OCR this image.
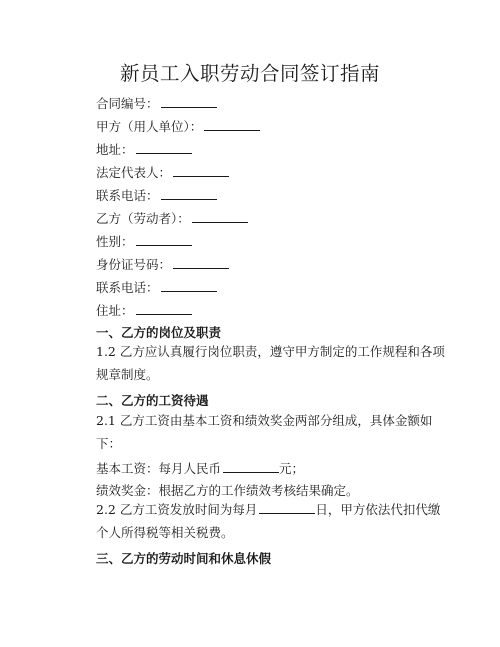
新员工入职劳动合同签订指南
合同编号：
甲方（用人单位）：
地址：
法定代表人：
联系电话：
乙方（劳动者）：
性别：
身份证号码：
联系电话：
住址：
一、乙方的岗位及职责
1.2 乙方应认真履行岗位职责，遵守甲方制定的工作规程和各项规章制度。
二、乙方的工资待遇
2.1 乙方工资由基本工资和绩效奖金两部分组成，具体金额如下：
基本工资：每月人民币	元；
绩效奖金：根据乙方的工作绩效考核结果确定。
2.2 乙方工资发放时间为每月	日，甲方依法代扣代缴个人所得税等相关税费。
三、乙方的劳动时间和休息休假
